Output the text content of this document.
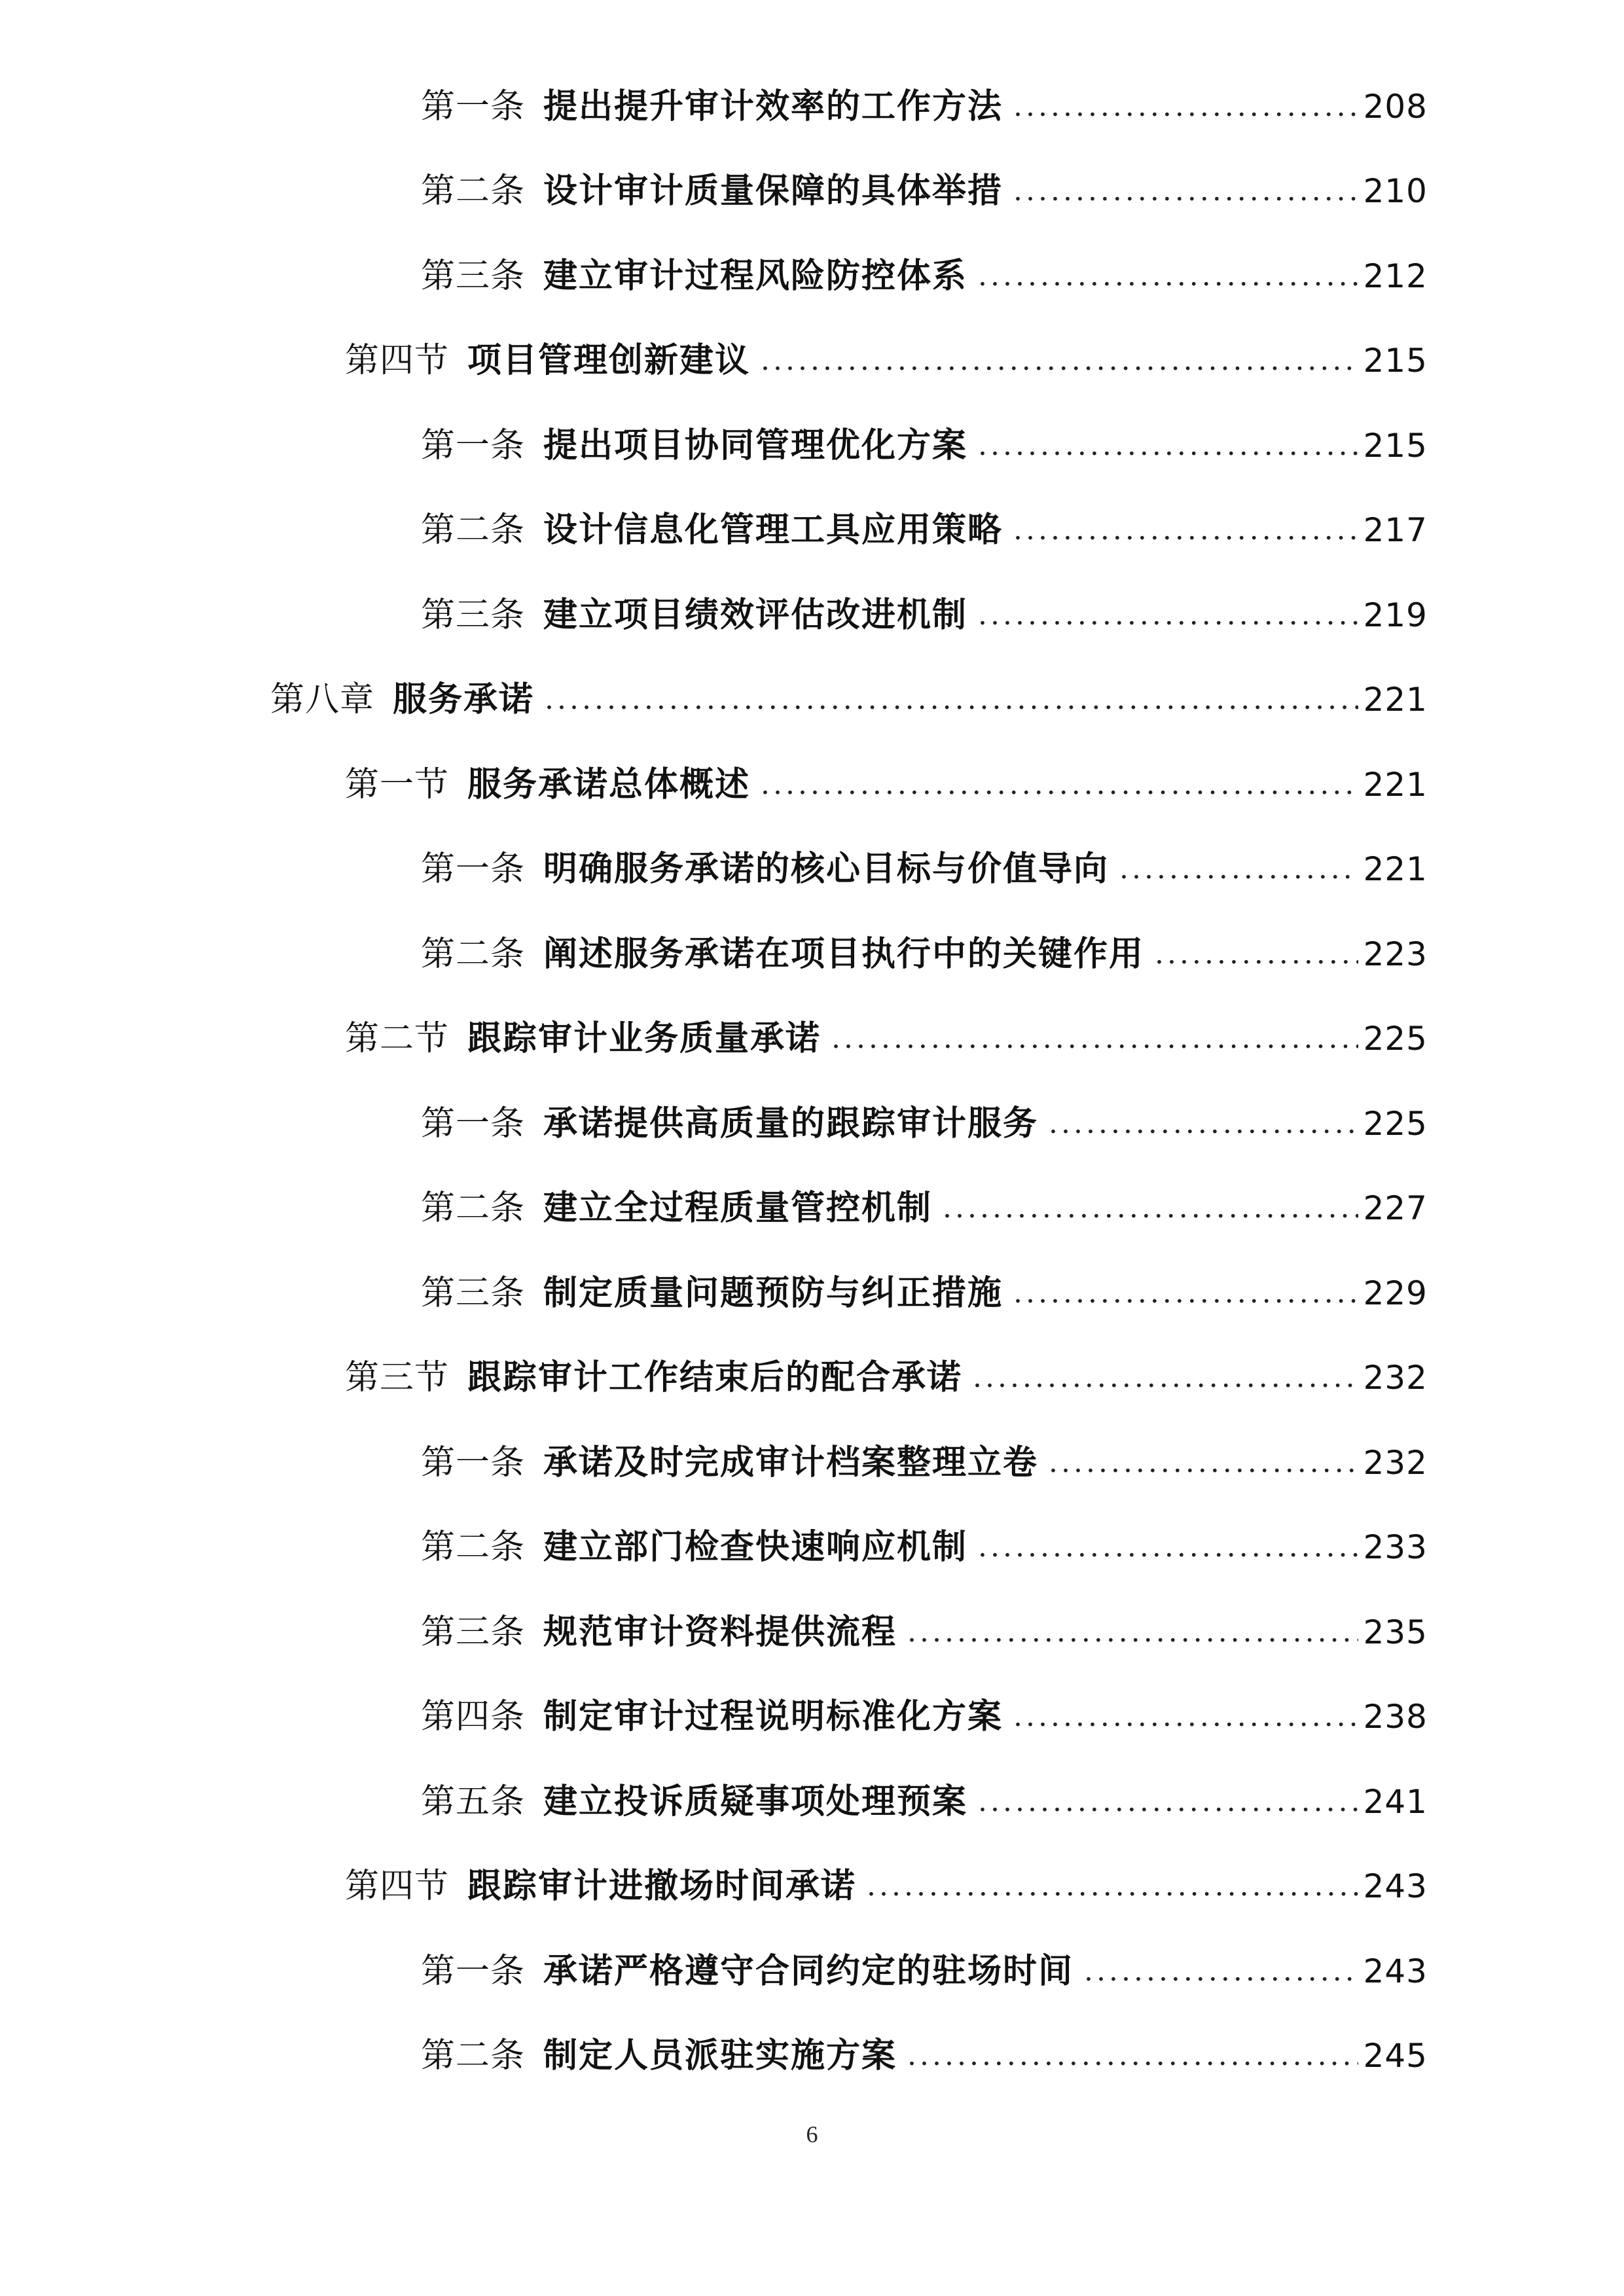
第一条 提出提升审计效率的工作方法 .....	208
第二条 设计审计质量保障的具体举措 .....	210
第三条 建立审计过程风险防控体系 .....	212
第四节 项目管理创新建议 .....	215
第一条 提出项目协同管理优化方案 .....	215
第二条 设计信息化管理工具应用策略 .....	217
第三条 建立项目绩效评估改进机制 .....	219
第八章 服务承诺 .....	221
第一节 服务承诺总体概述 .....	221
第一条 明确服务承诺的核心目标与价值导向 .....	221
第二条 阐述服务承诺在项目执行中的关键作用 .....	223
第二节 跟踪审计业务质量承诺 .....	225
第一条 承诺提供高质量的跟踪审计服务 .....	225
第二条 建立全过程质量管控机制 .....	227
第三条 制定质量问题预防与纠正措施 .....	229
第三节 跟踪审计工作结束后的配合承诺 .....	232
第一条 承诺及时完成审计档案整理立卷 .....	232
第二条 建立部门检查快速响应机制 .....	233
第三条 规范审计资料提供流程 .....	235
第四条 制定审计过程说明标准化方案 .....	238
第五条 建立投诉质疑事项处理预案 .....	241
第四节 跟踪审计进撤场时间承诺 .....	243
第一条 承诺严格遵守合同约定的驻场时间 .....	243
第二条 制定人员派驻实施方案 .....	245
6
